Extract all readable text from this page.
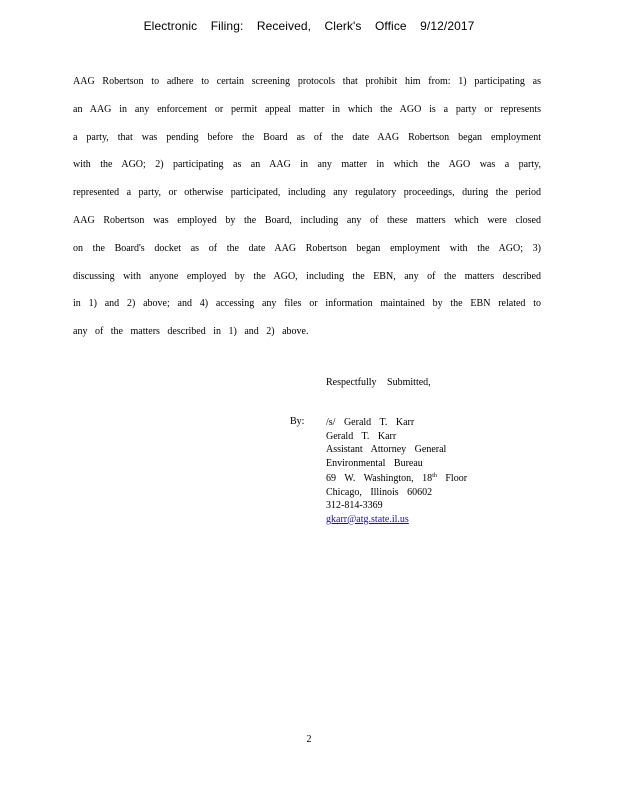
Electronic Filing: Received, Clerk's Office 9/12/2017
AAG Robertson to adhere to certain screening protocols that prohibit him from: 1) participating as an AAG in any enforcement or permit appeal matter in which the AGO is a party or represents a party, that was pending before the Board as of the date AAG Robertson began employment with the AGO; 2) participating as an AAG in any matter in which the AGO was a party, represented a party, or otherwise participated, including any regulatory proceedings, during the period AAG Robertson was employed by the Board, including any of these matters which were closed on the Board's docket as of the date AAG Robertson began employment with the AGO; 3) discussing with anyone employed by the AGO, including the EBN, any of the matters described in 1) and 2) above; and 4) accessing any files or information maintained by the EBN related to any of the matters described in 1) and 2) above.
Respectfully Submitted,
By: /s/ Gerald T. Karr
Gerald T. Karr
Assistant Attorney General
Environmental Bureau
69 W. Washington, 18th Floor
Chicago, Illinois 60602
312-814-3369
gkarr@atg.state.il.us
2
